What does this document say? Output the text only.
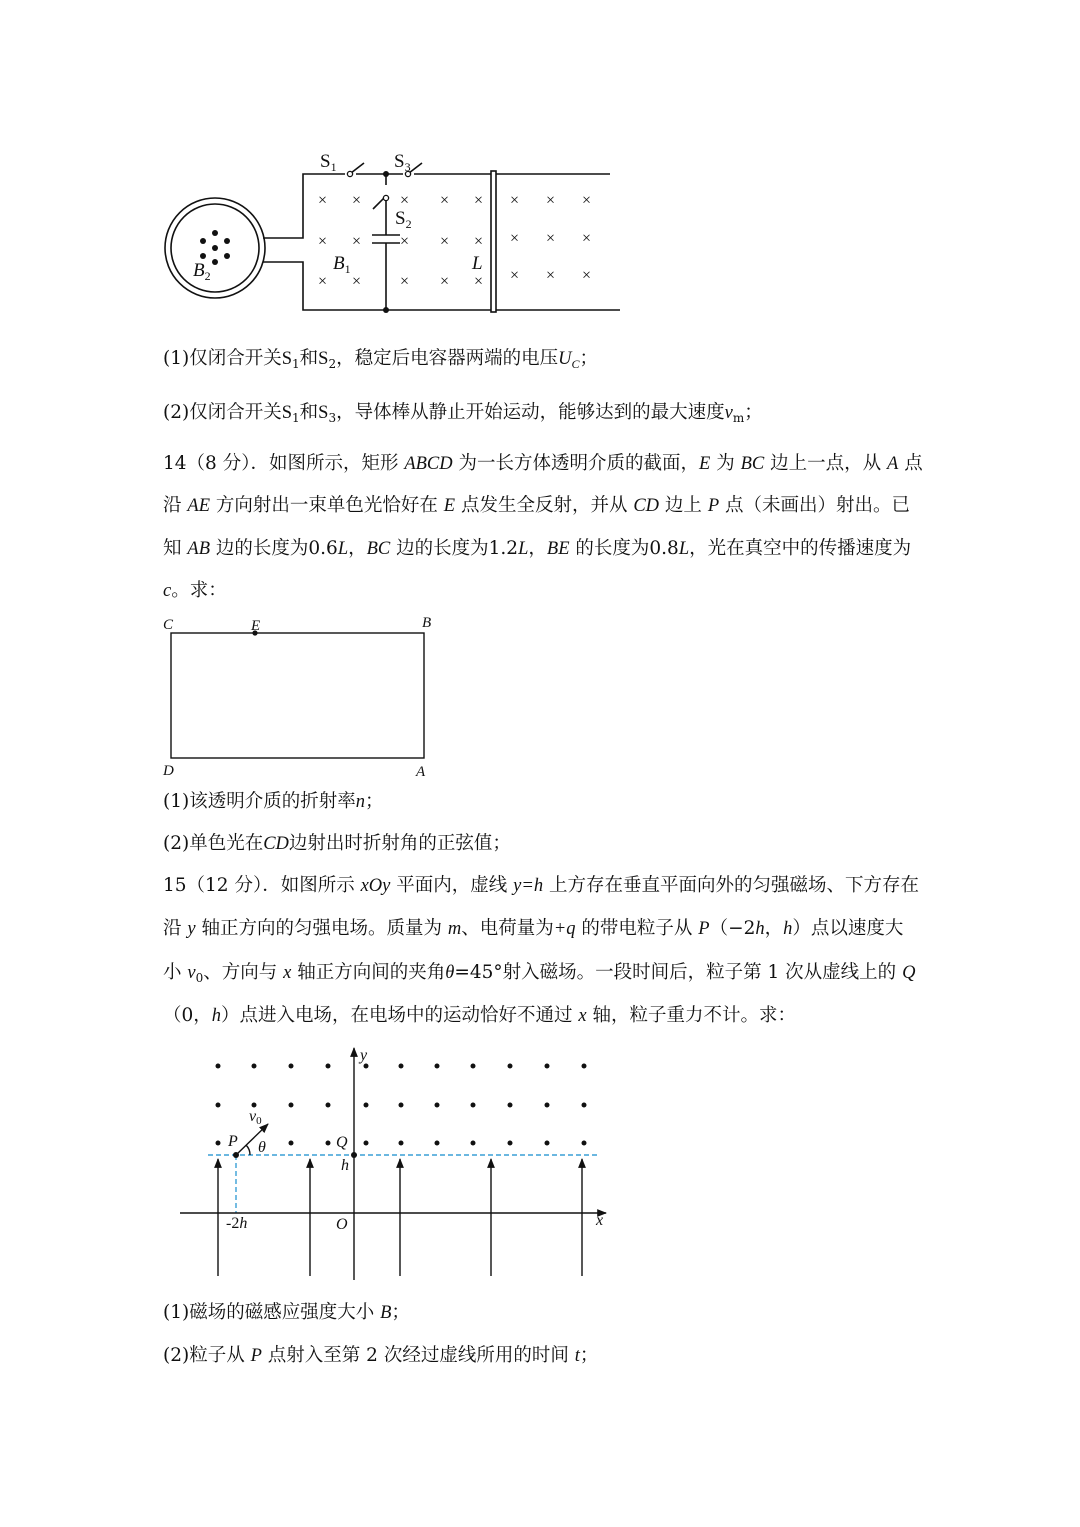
× × × × × × × ×
× × × × × × × ×
× × × × × × × ×
$S_1$	$S_3$
$S_2$
$B_1$
$B_2$
L
(1)仅闭合开关$S_1$和$S_2$，稳定后电容器两端的电压$U_C$；
(2)仅闭合开关$S_1$和$S_3$，导体棒从静止开始运动，能够达到的最大速度$v_m$；
14（8 分）．如图所示，矩形 ABCD 为一长方体透明介质的截面，E 为 BC 边上一点，从 A 点
沿 AE 方向射出一束单色光恰好在 E 点发生全反射，并从 CD 边上 P 点（未画出）射出。已
知 AB 边的长度为0.6L，BC 边的长度为1.2L，BE 的长度为0.8L，光在真空中的传播速度为
c。求：
C	E	B
D	A
(1)该透明介质的折射率n；
(2)单色光在CD边射出时折射角的正弦值；
15（12 分）．如图所示 xOy 平面内，虚线 y=h 上方存在垂直平面向外的匀强磁场、下方存在
沿 y 轴正方向的匀强电场。质量为 m、电荷量为+q 的带电粒子从 P（−2h，h）点以速度大
小 $v_0$、方向与 x 轴正方向间的夹角θ=45°射入磁场。一段时间后，粒子第 1 次从虚线上的 Q
（0，h）点进入电场，在电场中的运动恰好不通过 x 轴，粒子重力不计。求：
y
x
O
P	Q
h
θ
v0
-2h
(1)磁场的磁感应强度大小 B；
(2)粒子从 P 点射入至第 2 次经过虚线所用的时间 t；
